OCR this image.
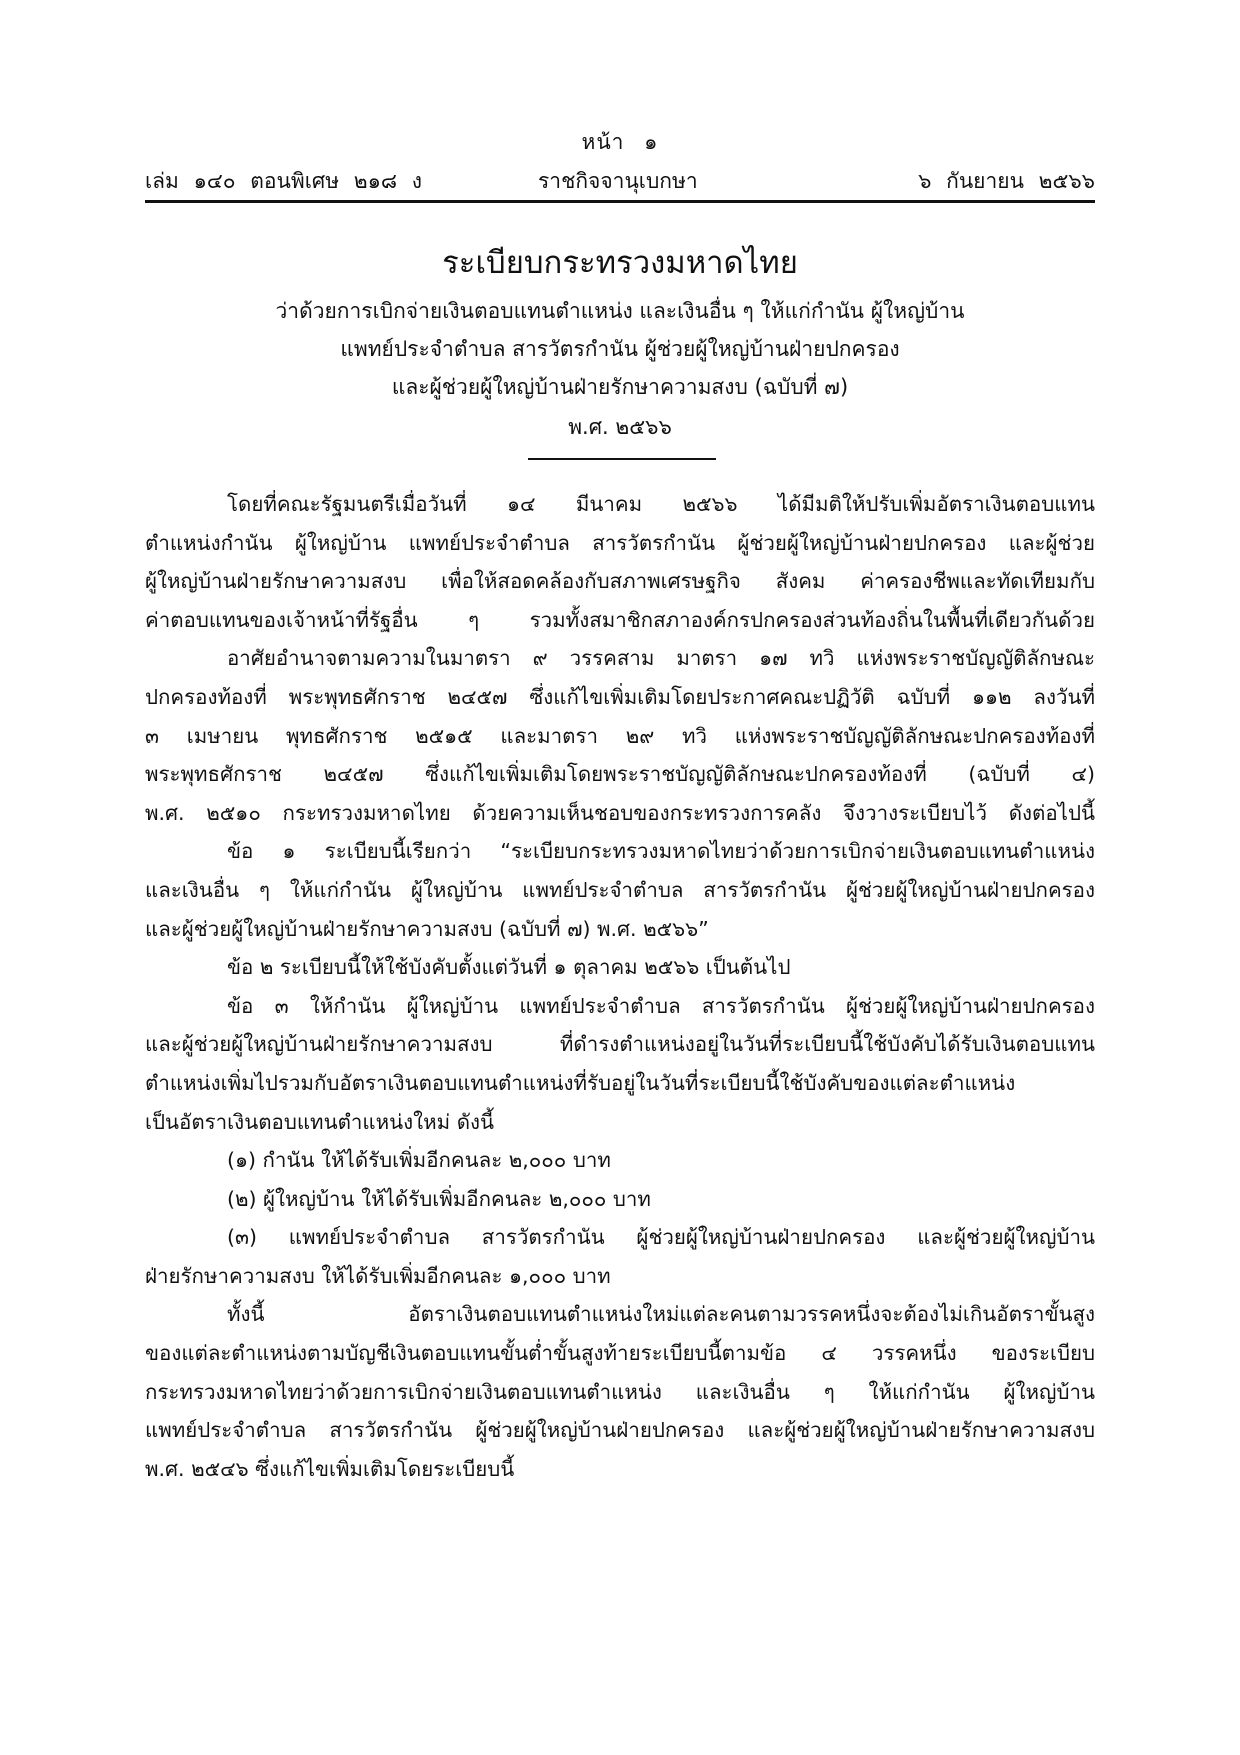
หน้า ๑
เล่ม ๑๔๐ ตอนพิเศษ ๒๑๘ ง	ราชกิจจานุเบกษา	๖ กันยายน ๒๕๖๖
ระเบียบกระทรวงมหาดไทย
ว่าด้วยการเบิกจ่ายเงินตอบแทนตำแหน่ง และเงินอื่น ๆ ให้แก่กำนัน ผู้ใหญ่บ้าน
แพทย์ประจำตำบล สารวัตรกำนัน ผู้ช่วยผู้ใหญ่บ้านฝ่ายปกครอง
และผู้ช่วยผู้ใหญ่บ้านฝ่ายรักษาความสงบ (ฉบับที่ ๗)
พ.ศ. ๒๕๖๖
โดยที่คณะรัฐมนตรีเมื่อวันที่ ๑๔ มีนาคม ๒๕๖๖ ได้มีมติให้ปรับเพิ่มอัตราเงินตอบแทน
ตำแหน่งกำนัน ผู้ใหญ่บ้าน แพทย์ประจำตำบล สารวัตรกำนัน ผู้ช่วยผู้ใหญ่บ้านฝ่ายปกครอง และผู้ช่วย
ผู้ใหญ่บ้านฝ่ายรักษาความสงบ เพื่อให้สอดคล้องกับสภาพเศรษฐกิจ สังคม ค่าครองชีพและทัดเทียมกับ
ค่าตอบแทนของเจ้าหน้าที่รัฐอื่น ๆ รวมทั้งสมาชิกสภาองค์กรปกครองส่วนท้องถิ่นในพื้นที่เดียวกันด้วย
อาศัยอำนาจตามความในมาตรา ๙ วรรคสาม มาตรา ๑๗ ทวิ แห่งพระราชบัญญัติลักษณะ
ปกครองท้องที่ พระพุทธศักราช ๒๔๕๗ ซึ่งแก้ไขเพิ่มเติมโดยประกาศคณะปฏิวัติ ฉบับที่ ๑๑๒ ลงวันที่
๓ เมษายน พุทธศักราช ๒๕๑๕ และมาตรา ๒๙ ทวิ แห่งพระราชบัญญัติลักษณะปกครองท้องที่
พระพุทธศักราช ๒๔๕๗ ซึ่งแก้ไขเพิ่มเติมโดยพระราชบัญญัติลักษณะปกครองท้องที่ (ฉบับที่ ๔)
พ.ศ. ๒๕๑๐ กระทรวงมหาดไทย ด้วยความเห็นชอบของกระทรวงการคลัง จึงวางระเบียบไว้ ดังต่อไปนี้
ข้อ ๑ ระเบียบนี้เรียกว่า “ระเบียบกระทรวงมหาดไทยว่าด้วยการเบิกจ่ายเงินตอบแทนตำแหน่ง
และเงินอื่น ๆ ให้แก่กำนัน ผู้ใหญ่บ้าน แพทย์ประจำตำบล สารวัตรกำนัน ผู้ช่วยผู้ใหญ่บ้านฝ่ายปกครอง
และผู้ช่วยผู้ใหญ่บ้านฝ่ายรักษาความสงบ (ฉบับที่ ๗) พ.ศ. ๒๕๖๖”
ข้อ ๒ ระเบียบนี้ให้ใช้บังคับตั้งแต่วันที่ ๑ ตุลาคม ๒๕๖๖ เป็นต้นไป
ข้อ ๓ ให้กำนัน ผู้ใหญ่บ้าน แพทย์ประจำตำบล สารวัตรกำนัน ผู้ช่วยผู้ใหญ่บ้านฝ่ายปกครอง
และผู้ช่วยผู้ใหญ่บ้านฝ่ายรักษาความสงบ ที่ดำรงตำแหน่งอยู่ในวันที่ระเบียบนี้ใช้บังคับได้รับเงินตอบแทน
ตำแหน่งเพิ่มไปรวมกับอัตราเงินตอบแทนตำแหน่งที่รับอยู่ในวันที่ระเบียบนี้ใช้บังคับของแต่ละตำแหน่ง
เป็นอัตราเงินตอบแทนตำแหน่งใหม่ ดังนี้
(๑) กำนัน ให้ได้รับเพิ่มอีกคนละ ๒,๐๐๐ บาท
(๒) ผู้ใหญ่บ้าน ให้ได้รับเพิ่มอีกคนละ ๒,๐๐๐ บาท
(๓) แพทย์ประจำตำบล สารวัตรกำนัน ผู้ช่วยผู้ใหญ่บ้านฝ่ายปกครอง และผู้ช่วยผู้ใหญ่บ้าน
ฝ่ายรักษาความสงบ ให้ได้รับเพิ่มอีกคนละ ๑,๐๐๐ บาท
ทั้งนี้ อัตราเงินตอบแทนตำแหน่งใหม่แต่ละคนตามวรรคหนึ่งจะต้องไม่เกินอัตราขั้นสูง
ของแต่ละตำแหน่งตามบัญชีเงินตอบแทนขั้นต่ำขั้นสูงท้ายระเบียบนี้ตามข้อ ๔ วรรคหนึ่ง ของระเบียบ
กระทรวงมหาดไทยว่าด้วยการเบิกจ่ายเงินตอบแทนตำแหน่ง และเงินอื่น ๆ ให้แก่กำนัน ผู้ใหญ่บ้าน
แพทย์ประจำตำบล สารวัตรกำนัน ผู้ช่วยผู้ใหญ่บ้านฝ่ายปกครอง และผู้ช่วยผู้ใหญ่บ้านฝ่ายรักษาความสงบ
พ.ศ. ๒๕๔๖ ซึ่งแก้ไขเพิ่มเติมโดยระเบียบนี้
